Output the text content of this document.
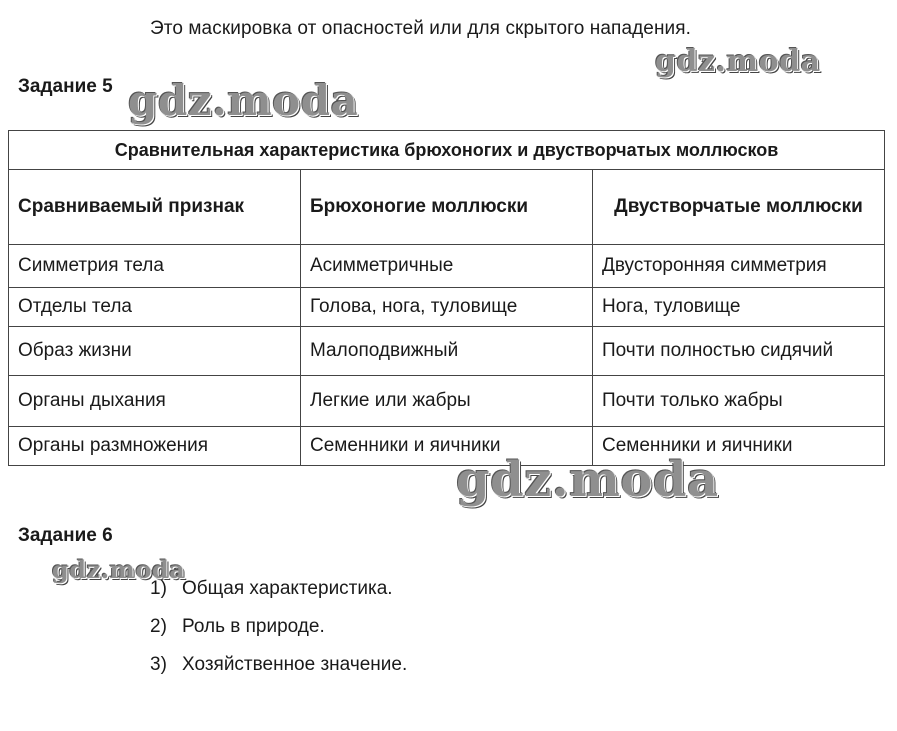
Это маскировка от опасностей или для скрытого нападения.
Задание 5
gdz.moda
gdz.moda
Сравнительная характеристика брюхоногих и двустворчатых моллюсков		
Сравниваемый признак	Брюхоногие моллюски	Двустворчатые моллюски
Симметрия тела	Асимметричные	Двусторонняя симметрия
Отделы тела	Голова, нога, туловище	Нога, туловище
Образ жизни	Малоподвижный	Почти полностью сидячий
Органы дыхания	Легкие или жабры	Почти только жабры
Органы размножения	Семенники и яичники	Семенники и яичники
gdz.moda
Задание 6
gdz.moda
1) Общая характеристика.
2) Роль в природе.
3) Хозяйственное значение.
